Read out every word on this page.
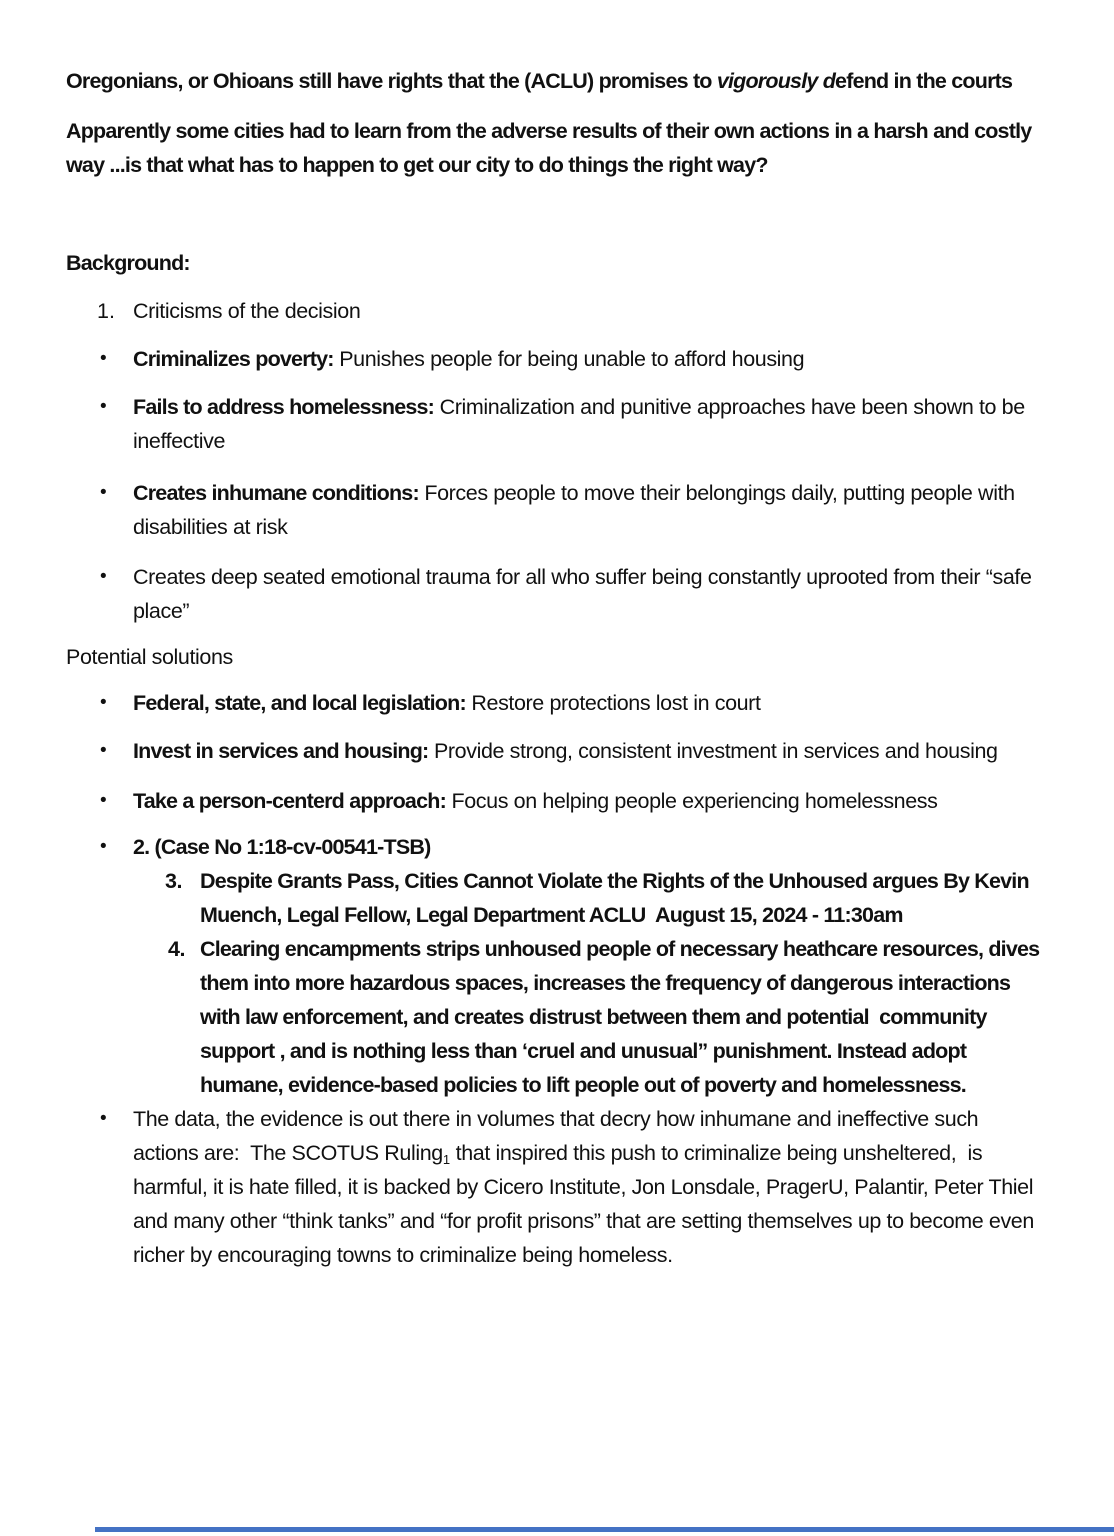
Oregonians, or Ohioans still have rights that the (ACLU) promises to vigorously defend in the courts

Apparently some cities had to learn from the adverse results of their own actions in a harsh and costly way ...is that what has to happen to get our city to do things the right way?

Background:

1. Criticisms of the decision
•	Criminalizes poverty: Punishes people for being unable to afford housing
•	Fails to address homelessness: Criminalization and punitive approaches have been shown to be ineffective
•	Creates inhumane conditions: Forces people to move their belongings daily, putting people with disabilities at risk
•	Creates deep seated emotional trauma for all who suffer being constantly uprooted from their “safe place”

Potential solutions

•	Federal, state, and local legislation: Restore protections lost in court
•	Invest in services and housing: Provide strong, consistent investment in services and housing
•	Take a person-centerd approach: Focus on helping people experiencing homelessness
•	2. (Case No 1:18-cv-00541-TSB)
3. Despite Grants Pass, Cities Cannot Violate the Rights of the Unhoused argues By Kevin Muench, Legal Fellow, Legal Department ACLU  August 15, 2024 - 11:30am
4. Clearing encampments strips unhoused people of necessary heathcare resources, dives them into more hazardous spaces, increases the frequency of dangerous interactions with law enforcement, and creates distrust between them and potential  community support , and is nothing less than ‘cruel and unusual” punishment. Instead adopt humane, evidence-based policies to lift people out of poverty and homelessness.
•	The data, the evidence is out there in volumes that decry how inhumane and ineffective such actions are:  The SCOTUS Ruling$_1$ that inspired this push to criminalize being unsheltered,  is harmful, it is hate filled, it is backed by Cicero Institute, Jon Lonsdale, PragerU, Palantir, Peter Thiel and many other “think tanks” and “for profit prisons” that are setting themselves up to become even richer by encouraging towns to criminalize being homeless.
